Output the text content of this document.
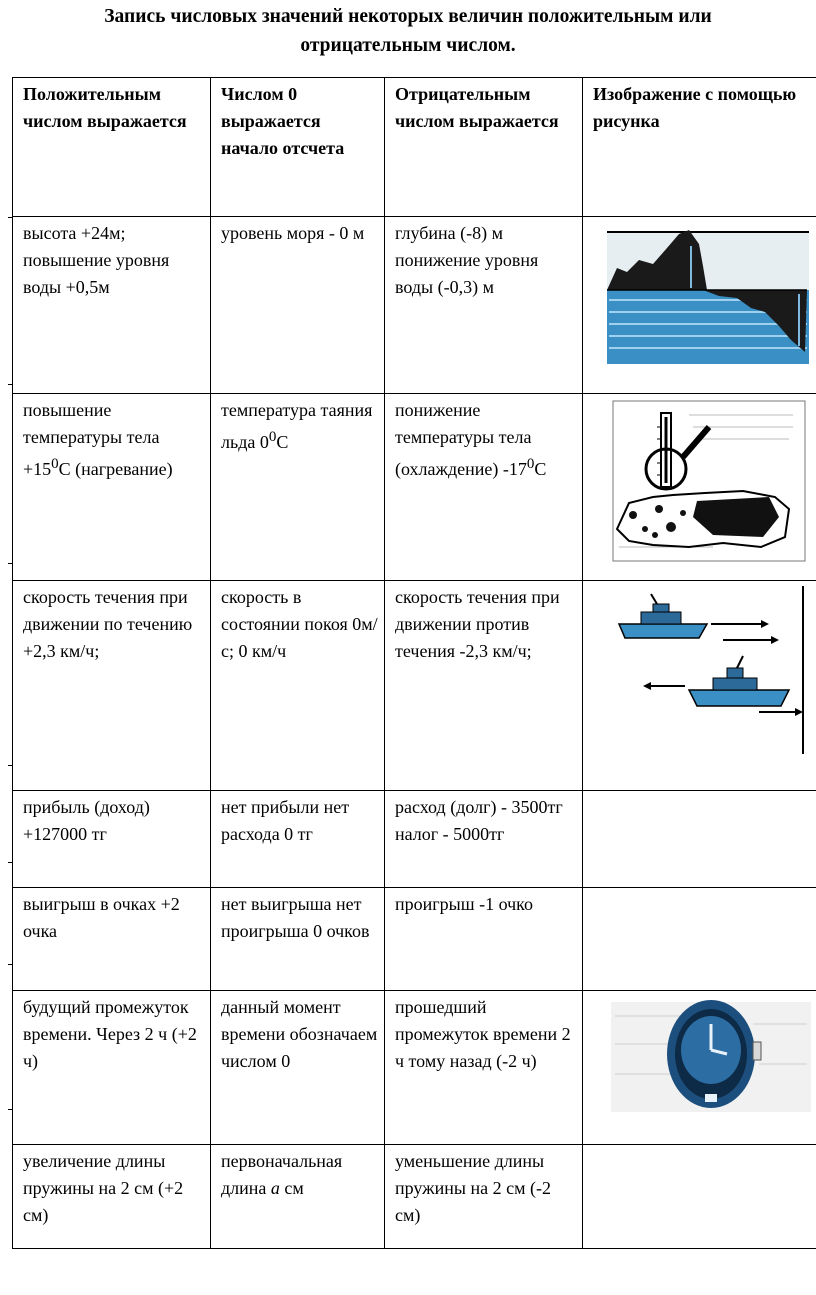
Запись числовых значений некоторых величин положительным или
отрицательным числом.
Положительным числом выражается	Числом 0 выражается начало отсчета	Отрицательным числом выражается	Изображение с помощью рисунка
высота +24м; повышение уровня воды +0,5м	уровень моря - 0 м	глубина (-8) м понижение уровня воды (-0,3) м	

повышение температуры тела $+15^0С$ (нагревание)	температура таяния льда $0^0С$	понижение температуры тела (охлаждение) $-17^0С$	

скорость течения при движении по течению +2,3 км/ч;	скорость в состоянии покоя 0м/с; 0 км/ч	скорость течения при движении против течения -2,3 км/ч;	

прибыль (доход) +127000 тг	нет прибыли нет расхода 0 тг	расход (долг) - 3500тг налог - 5000тг	
выигрыш в очках +2 очка	нет выигрыша нет проигрыша 0 очков	проигрыш -1 очко	
будущий промежуток времени. Через 2 ч (+2 ч)	данный момент времени обозначаем числом 0	прошедший промежуток времени 2 ч тому назад (-2 ч)	

увеличение длины пружины на 2 см (+2 см)	первоначальная длина а см	уменьшение длины пружины на 2 см (-2 см)	
